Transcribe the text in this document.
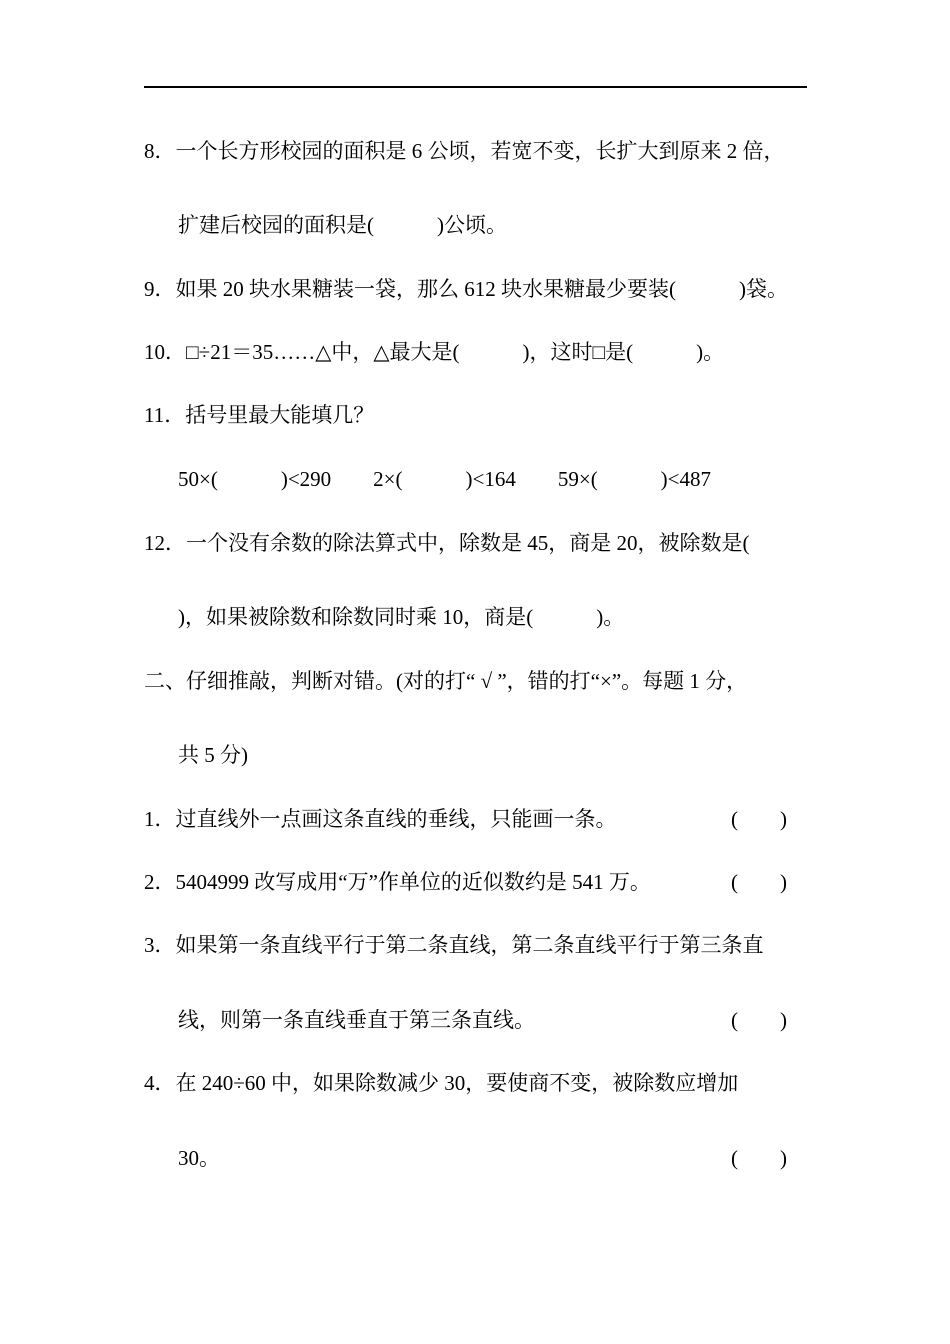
8．一个长方形校园的面积是 6 公顷，若宽不变，长扩大到原来 2 倍，
扩建后校园的面积是(　　　)公顷。
9．如果 20 块水果糖装一袋，那么 612 块水果糖最少要装(　　　)袋。
10．□÷21＝35……△中，△最大是(　　　)，这时□是(　　　)。
11．括号里最大能填几？
50×(　　　)<290　　2×(　　　)<164　　59×(　　　)<487
12．一个没有余数的除法算式中，除数是 45，商是 20，被除数是(
)，如果被除数和除数同时乘 10，商是(　　　)。
二、仔细推敲，判断对错。(对的打“ √ ”，错的打“×”。每题 1 分，
共 5 分)
1．过直线外一点画这条直线的垂线，只能画一条。	(　　)
2．5404999 改写成用“万”作单位的近似数约是 541 万。	(　　)
3．如果第一条直线平行于第二条直线，第二条直线平行于第三条直
线，则第一条直线垂直于第三条直线。	(　　)
4．在 240÷60 中，如果除数减少 30，要使商不变，被除数应增加
30。	(　　)
